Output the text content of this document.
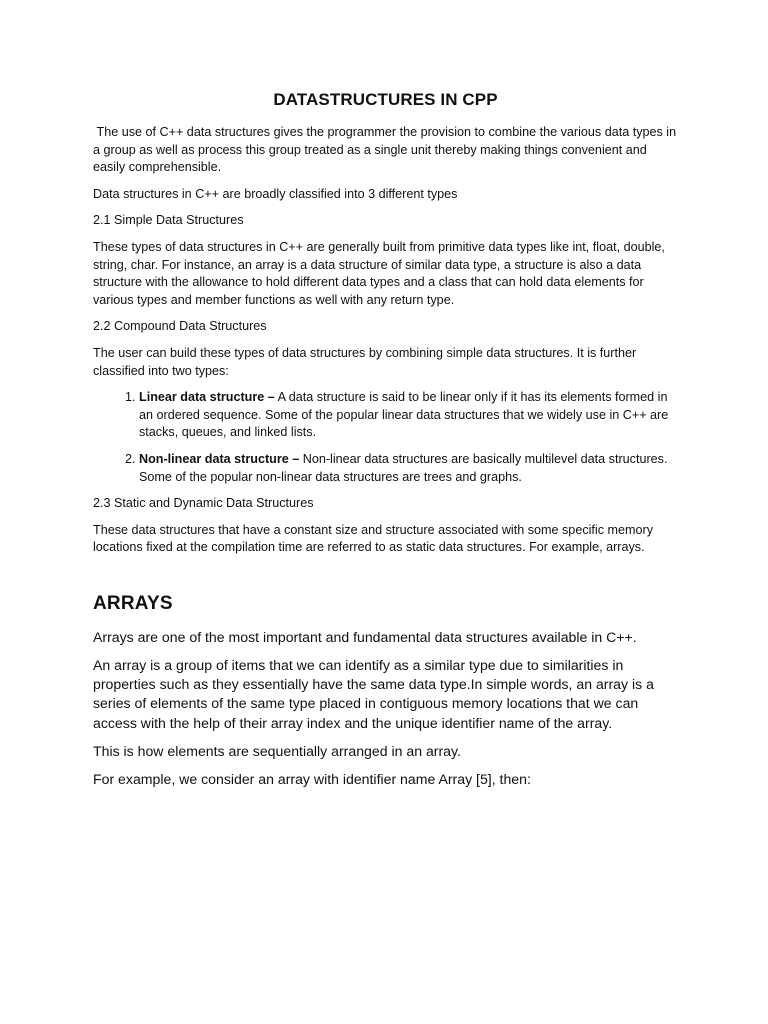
DATASTRUCTURES IN CPP

The use of C++ data structures gives the programmer the provision to combine the various data types in a group as well as process this group treated as a single unit thereby making things convenient and easily comprehensible.

Data structures in C++ are broadly classified into 3 different types

2.1 Simple Data Structures

These types of data structures in C++ are generally built from primitive data types like int, float, double, string, char. For instance, an array is a data structure of similar data type, a structure is also a data structure with the allowance to hold different data types and a class that can hold data elements for various types and member functions as well with any return type.

2.2 Compound Data Structures

The user can build these types of data structures by combining simple data structures. It is further classified into two types:

1. Linear data structure – A data structure is said to be linear only if it has its elements formed in an ordered sequence. Some of the popular linear data structures that we widely use in C++ are stacks, queues, and linked lists.
2. Non-linear data structure – Non-linear data structures are basically multilevel data structures. Some of the popular non-linear data structures are trees and graphs.

2.3 Static and Dynamic Data Structures

These data structures that have a constant size and structure associated with some specific memory locations fixed at the compilation time are referred to as static data structures. For example, arrays.

ARRAYS

Arrays are one of the most important and fundamental data structures available in C++.

An array is a group of items that we can identify as a similar type due to similarities in properties such as they essentially have the same data type.In simple words, an array is a series of elements of the same type placed in contiguous memory locations that we can access with the help of their array index and the unique identifier name of the array.

This is how elements are sequentially arranged in an array.

For example, we consider an array with identifier name Array [5], then:
